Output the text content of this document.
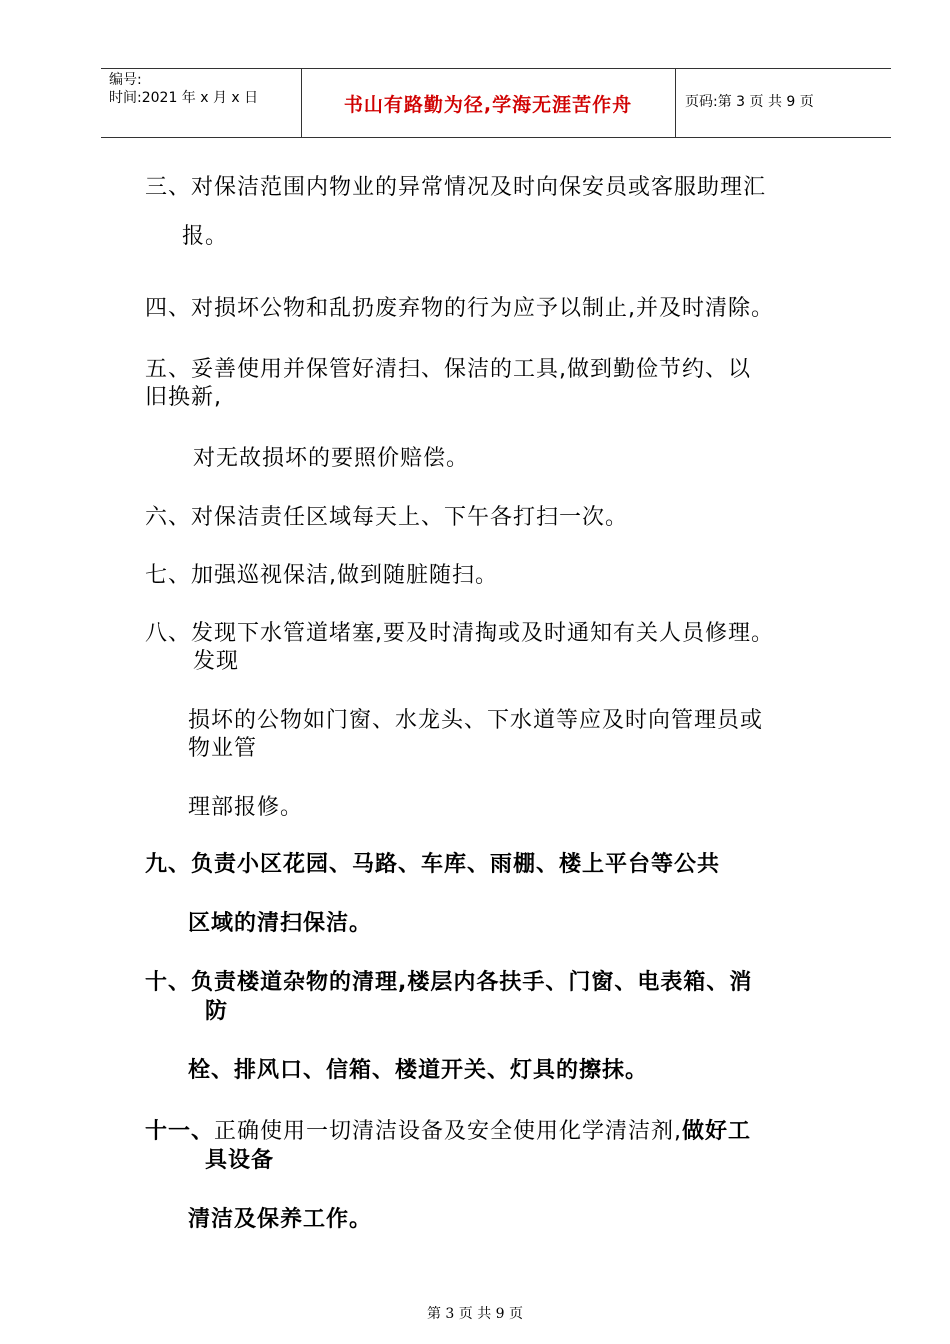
编号:
时间:2021 年 x 月 x 日	书山有路勤为径,学海无涯苦作舟	页码:第 3 页 共 9 页
三、对保洁范围内物业的异常情况及时向保安员或客服助理汇
报。
四、对损坏公物和乱扔废弃物的行为应予以制止,并及时清除。
五、妥善使用并保管好清扫、保洁的工具,做到勤俭节约、以
旧换新,
对无故损坏的要照价赔偿。
六、对保洁责任区域每天上、下午各打扫一次。
七、加强巡视保洁,做到随脏随扫。
八、发现下水管道堵塞,要及时清掏或及时通知有关人员修理。
发现
损坏的公物如门窗、水龙头、下水道等应及时向管理员或
物业管
理部报修。
九、负责小区花园、马路、车库、雨棚、楼上平台等公共
区域的清扫保洁。
十、负责楼道杂物的清理,楼层内各扶手、门窗、电表箱、消
防
栓、排风口、信箱、楼道开关、灯具的擦抹。
十一、正确使用一切清洁设备及安全使用化学清洁剂,做好工
具设备
清洁及保养工作。
第 3 页 共 9 页
